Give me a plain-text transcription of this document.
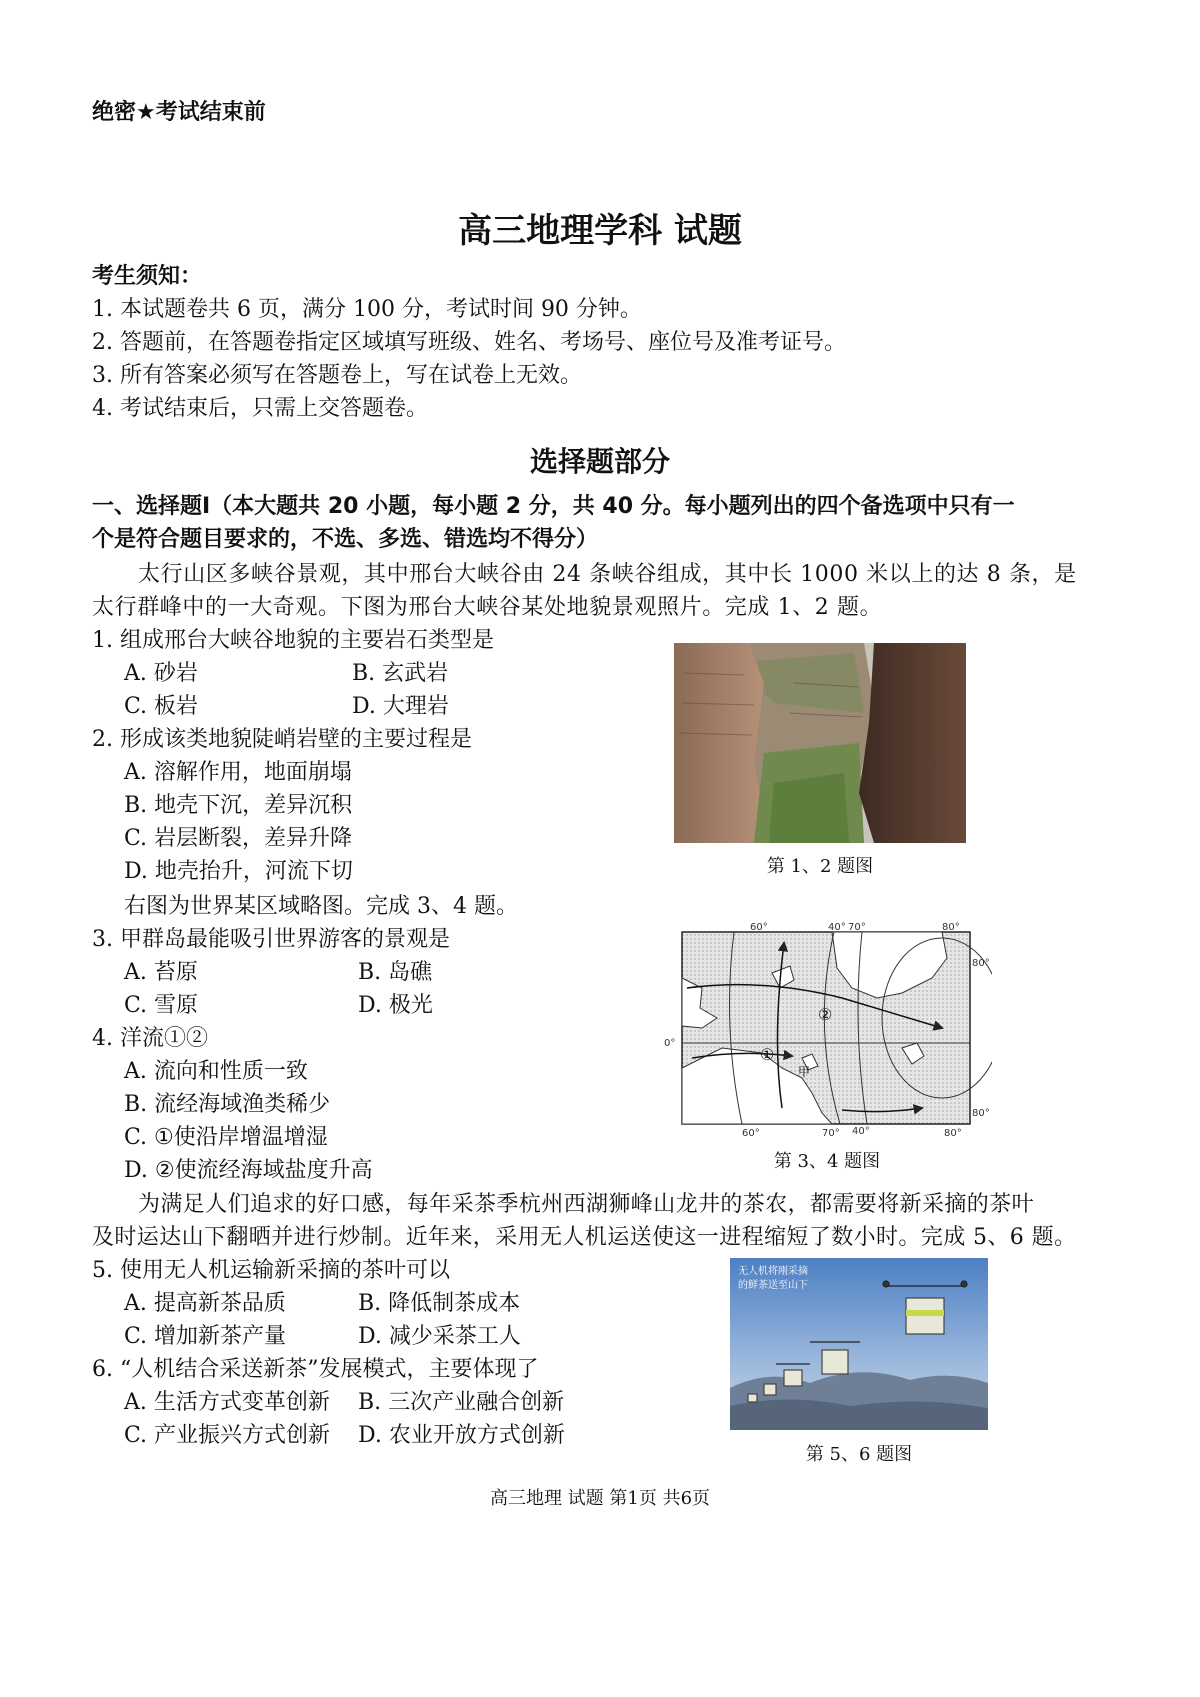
绝密★考试结束前
高三地理学科 试题
考生须知：
1. 本试题卷共 6 页，满分 100 分，考试时间 90 分钟。
2. 答题前，在答题卷指定区域填写班级、姓名、考场号、座位号及准考证号。
3. 所有答案必须写在答题卷上，写在试卷上无效。
4. 考试结束后，只需上交答题卷。
选择题部分
一、选择题Ⅰ（本大题共 20 小题，每小题 2 分，共 40 分。每小题列出的四个备选项中只有一
个是符合题目要求的，不选、多选、错选均不得分）
太行山区多峡谷景观，其中邢台大峡谷由 24 条峡谷组成，其中长 1000 米以上的达 8 条，是
太行群峰中的一大奇观。下图为邢台大峡谷某处地貌景观照片。完成 1、2 题。
1. 组成邢台大峡谷地貌的主要岩石类型是
A. 砂岩	B. 玄武岩
C. 板岩	D. 大理岩
2. 形成该类地貌陡峭岩壁的主要过程是
A. 溶解作用，地面崩塌
B. 地壳下沉，差异沉积
C. 岩层断裂，差异升降
D. 地壳抬升，河流下切	第 1、2 题图
右图为世界某区域略图。完成 3、4 题。
3. 甲群岛最能吸引世界游客的景观是
A. 苔原	B. 岛礁
C. 雪原	D. 极光
4. 洋流①②
A. 流向和性质一致
B. 流经海域渔类稀少
C. ①使沿岸增温增湿
D. ②使流经海域盐度升高
60°	40° 70°	80°
60°	70° 40°	80°
80°
80°
0°
①
②
甲
第 3、4 题图
为满足人们追求的好口感，每年采茶季杭州西湖狮峰山龙井的茶农，都需要将新采摘的茶叶
及时运达山下翻晒并进行炒制。近年来，采用无人机运送使这一进程缩短了数小时。完成 5、6 题。
5. 使用无人机运输新采摘的茶叶可以
A. 提高新茶品质	B. 降低制茶成本
C. 增加新茶产量	D. 减少采茶工人
6. “人机结合采送新茶”发展模式，主要体现了
A. 生活方式变革创新 B. 三次产业融合创新
C. 产业振兴方式创新 D. 农业开放方式创新
无人机将刚采摘
的鲜茶送至山下
第 5、6 题图
高三地理 试题 第1页 共6页
